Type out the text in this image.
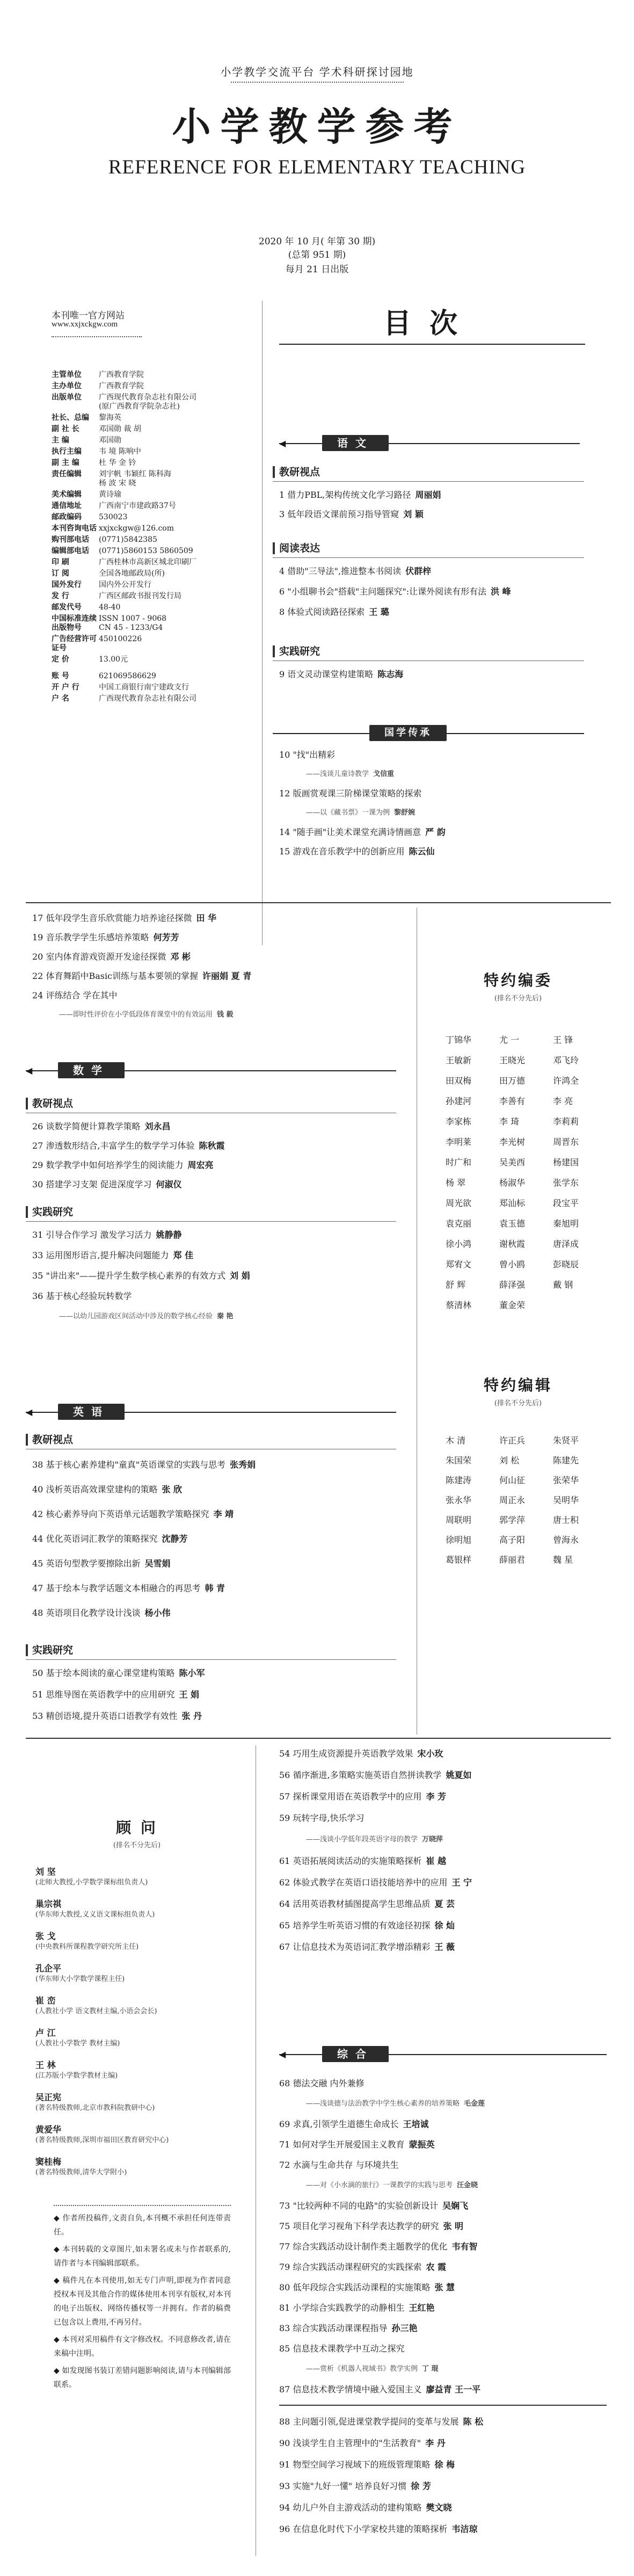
小学教学交流平台 学术科研探讨园地
小学教学参考
REFERENCE FOR ELEMENTARY TEACHING
2020 年 10 月( 年第 30 期)
(总第 951 期)
每月 21 日出版
本刊唯一官方网站
www.xxjxckgw.com
主管单位	广西教育学院
主办单位	广西教育学院
出版单位	广西现代教育杂志社有限公司
(原广西教育学院杂志社)
社长、总编	黎海英
副 社 长	邓国勋 裁 胡
主 编	邓国勋
执行主编	韦 境 陈响中
副 主 编	杜 华 金 钤
责任编辑	刘宇帆 韦颖红 陈科海
杨 波 宋 晓
美术编辑	黄诗瑜
通信地址	广西南宁市建政路37号
邮政编码	530023
本刊咨询电话 xxjxckgw@126.com
购刊部电话	(0771)5842385
编辑部电话	(0771)5860153 5860509
印 刷	广西桂林市高新区城北印刷厂
订 阅	全国各地邮政局(所)
国外发行	国内外公开发行
发 行	广西区邮政书报刊发行局
邮发代号	48-40
中国标准连续出版物号
ISSN 1007 - 9068
CN 45 - 1233/G4
广告经营许可证号
450100226
定 价	13.00元
账 号	621069586629
开 户 行	中国工商银行南宁建政支行
户 名	广西现代教育杂志社有限公司
目次
◀	语文
教研视点
1 借力PBL,架构传统文化学习路径 周丽娟
3 低年段语文课前预习指导管窥 刘 颖
阅读表达
4 借助"三导法",推进整本书阅读 伏群梓
6 "小组聊书会"搭载"主问题探究":让课外阅读有形有法 洪 峰
8 体验式阅读路径探索 王 璐
实践研究
9 语文灵动课堂构建策略 陈志海
国学传承
10 "找"出精彩
——浅谈儿童诗教学 戈信重
12 版画赏观课三阶梯课堂策略的探索
——以《藏书票》一课为例 黎舒婉
14 "随手画"让美术课堂充满诗情画意 严 韵
15 游戏在音乐教学中的创新应用 陈云仙
17 低年段学生音乐欣赏能力培养途径探微 田 华
19 音乐教学学生乐感培养策略 何芳芳
20 室内体育游戏资源开发途径探微 邓 彬
22 体育舞蹈中Basic训练与基本要领的掌握 许丽娟 夏 青
24 评练结合 学在其中
——即时性评价在小学低段体育课堂中的有效运用 钱 毅
◀	数学
教研视点
26 谈数学简便计算教学策略 刘永昌
27 渗透数形结合,丰富学生的数学学习体验 陈秋霞
29 数学教学中如何培养学生的阅读能力 周宏亮
30 搭建学习支架 促进深度学习 何淑仪
实践研究
31 引导合作学习 激发学习活力 姚静静
33 运用图形语言,提升解决问题能力 郑 佳
35 "讲出来"——提升学生数学核心素养的有效方式 刘 娟
36 基于核心经验玩转数学
——以幼儿园游戏区间活动中涉及的数学核心经验 秦 艳
◀	英语
教研视点
38 基于核心素养建构"童真"英语课堂的实践与思考 张秀娟
40 浅析英语高效课堂建构的策略 张 欣
42 核心素养导向下英语单元话题教学策略探究 李 靖
44 优化英语词汇教学的策略探究 沈静芳
45 英语句型教学要擦除出新 吴雪娟
47 基于绘本与教学话题文本相融合的再思考 韩 青
48 英语项目化教学设计浅谈 杨小伟
实践研究
50 基于绘本阅读的童心课堂建构策略 陈小军
51 思维导图在英语教学中的应用研究 王 娟
53 精创语境,提升英语口语教学有效性 张 丹
特约编委
(排名不分先后)
丁锦华	尤 一	王 锋
王敏新	王晓光	邓飞玲
田双梅	田万德	许鸿全
孙建河	李善有	李 亮
李家栋	李 琦	李莉莉
李明莱	李光树	周晋东
时广和	吴美西	杨建国
杨 翠	杨淑华	张学东
周光欲	郑汕标	段宝平
袁克丽	袁玉德	秦旭明
徐小鸿	谢秋霞	唐泽成
郑宥文	曾小鸥	彭晓辰
舒 辉	薛泽强	戴 钢
蔡清林	董金荣
特约编辑
(排名不分先后)
木 清	许正兵	朱贤平
朱国荣	刘 松	陈建先
陈建涛	何山征	张荣华
张永华	周正永	吴明华
周联明	郭学萍	唐士积
徐明旭	高子阳	曾海永
葛银样	薛丽君	魏 星
顾 问
(排名不分先后)
刘 坚
(北师大教授,小学数学课标组负责人)
巢宗祺
(华东师大教授,义义语文课标组负责人)
张 戈
(中央教科所课程教学研究所主任)
孔企平
(华东师大小学数学课程主任)
崔 峦
(人教社小学 语文教材主编,小语会会长)
卢 江
(人教社小学数学 教材主编)
王 林
(江苏版小学数学教材主编)
吴正宪
(著名特级教师,北京市教科院教研中心)
黄爱华
(著名特级教师,深圳市福田区教育研究中心)
窦桂梅
(著名特级教师,清华大学附小)

◆ 作者所投稿件,文责自负,本刊概不承担任何连带责任。

◆ 本刊转载的文章图片,如未署名或未与作者联系的,请作者与本刊编辑部联系。

◆ 稿件凡在本刊使用,如无专门声明,即视为作者同意授权本刊及其他合作的媒体使用本刊享有版权,对本刊的电子出版权、网络传播权等一并拥有。作者的稿费已包含以上费用,不再另付。

◆ 本刊对采用稿件有文字修改权。不同意修改者,请在来稿中注明。

◆ 如发现图书装订差错问题影响阅读,请与本刊编辑部联系。

54 巧用生成资源提升英语教学效果 宋小玫
56 循序渐进,多策略实施英语自然拼读教学 姚夏如
57 探析课堂用语在英语教学中的应用 李 芳
59 玩转字母,快乐学习
——浅谈小学低年段英语字母的教学 万晓萍
61 英语拓展阅读活动的实施策略探析 崔 越
62 体验式教学在英语口语技能培养中的应用 王 宁
64 活用英语教材插图提高学生思维品质 夏 芸
65 培养学生听英语习惯的有效途径初探 徐 灿
67 让信息技术为英语词汇教学增添精彩 王 薇
◀	综合
68 德法交融 内外兼修
——浅谈德与法治教学中学生核心素养的培养策略 毛金莲
69 求真,引领学生道德生命成长 王培诚
71 如何对学生开展爱国主义教育 蒙振英
72 水滴与生命共存 与环境共生
——对《小水滴的旅行》一课教学的实践与思考 汪金晓
73 "比较两种不同的电路"的实验创新设计 吴娴飞
75 项目化学习视角下科学表达教学的研究 张 明
77 综合实践活动设计制作类主题教学的优化 韦有智
79 综合实践活动课程研究的实践探索 农 霞
80 低年段综合实践活动课程的实施策略 张 慧
81 小学综合实践教学的动静相生 王红艳
83 综合实践活动课课程指导 孙三艳
85 信息技术课教学中互动之探究
——赏析《机器人视域书》教学实例 丁 琨
87 信息技术教学情境中融入爱国主义 廖益青 王一平
88 主问题引领,促进课堂教学提问的变革与发展 陈 松
90 浅谈学生自主管理中的"生活教育" 李 丹
91 物型空间学习视域下的班级管理策略 徐 梅
93 实施"九好一懂" 培养良好习惯 徐 芳
94 幼儿户外自主游戏活动的建构策略 樊文晓
96 在信息化时代下小学家校共建的策略探析 韦洁琼
